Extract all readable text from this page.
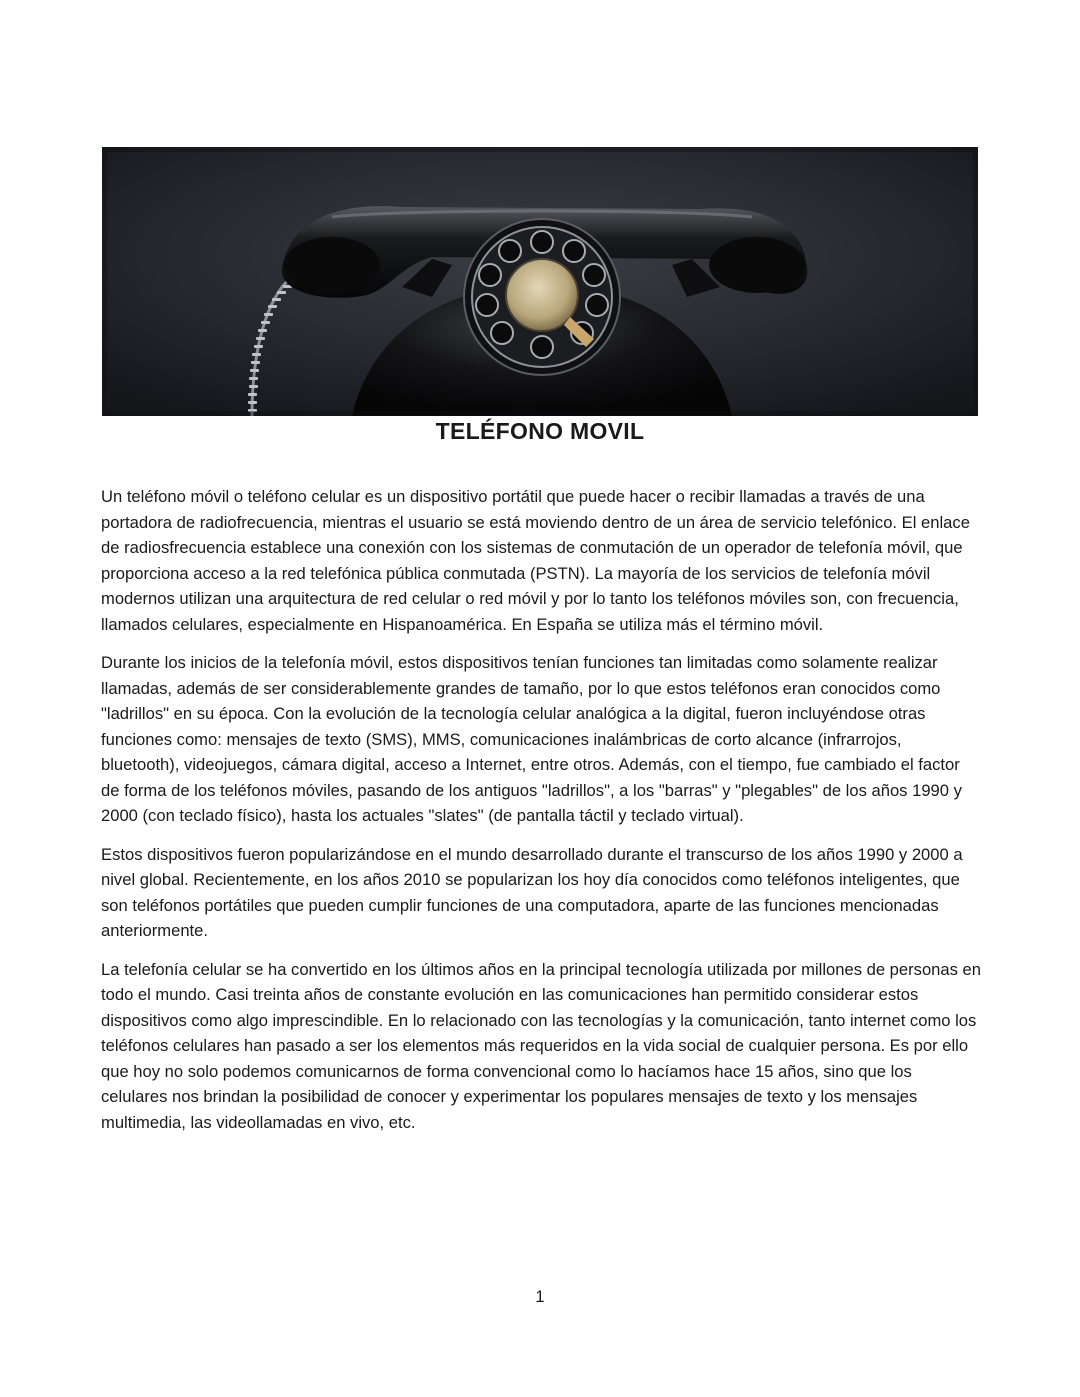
TELÉFONO MOVIL

Un teléfono móvil o teléfono celular es un dispositivo portátil que puede hacer o recibir llamadas a través de una portadora de radiofrecuencia, mientras el usuario se está moviendo dentro de un área de servicio telefónico. El enlace de radiosfrecuencia establece una conexión con los sistemas de conmutación de un operador de telefonía móvil, que proporciona acceso a la red telefónica pública conmutada (PSTN). La mayoría de los servicios de telefonía móvil modernos utilizan una arquitectura de red celular o red móvil y por lo tanto los teléfonos móviles son, con frecuencia, llamados celulares, especialmente en Hispanoamérica. En España se utiliza más el término móvil.

Durante los inicios de la telefonía móvil, estos dispositivos tenían funciones tan limitadas como solamente realizar llamadas, además de ser considerablemente grandes de tamaño, por lo que estos teléfonos eran conocidos como "ladrillos" en su época. Con la evolución de la tecnología celular analógica a la digital, fueron incluyéndose otras funciones como: mensajes de texto (SMS), MMS, comunicaciones inalámbricas de corto alcance (infrarrojos, bluetooth), videojuegos, cámara digital, acceso a Internet, entre otros. Además, con el tiempo, fue cambiado el factor de forma de los teléfonos móviles, pasando de los antiguos "ladrillos", a los "barras" y "plegables" de los años 1990 y 2000 (con teclado físico), hasta los actuales "slates" (de pantalla táctil y teclado virtual).

Estos dispositivos fueron popularizándose en el mundo desarrollado durante el transcurso de los años 1990 y 2000 a nivel global. Recientemente, en los años 2010 se popularizan los hoy día conocidos como teléfonos inteligentes, que son teléfonos portátiles que pueden cumplir funciones de una computadora, aparte de las funciones mencionadas anteriormente.

La telefonía celular se ha convertido en los últimos años en la principal tecnología utilizada por millones de personas en todo el mundo. Casi treinta años de constante evolución en las comunicaciones han permitido considerar estos dispositivos como algo imprescindible. En lo relacionado con las tecnologías y la comunicación, tanto internet como los teléfonos celulares han pasado a ser los elementos más requeridos en la vida social de cualquier persona. Es por ello que hoy no solo podemos comunicarnos de forma convencional como lo hacíamos hace 15 años, sino que los celulares nos brindan la posibilidad de conocer y experimentar los populares mensajes de texto y los mensajes multimedia, las videollamadas en vivo, etc.

1
